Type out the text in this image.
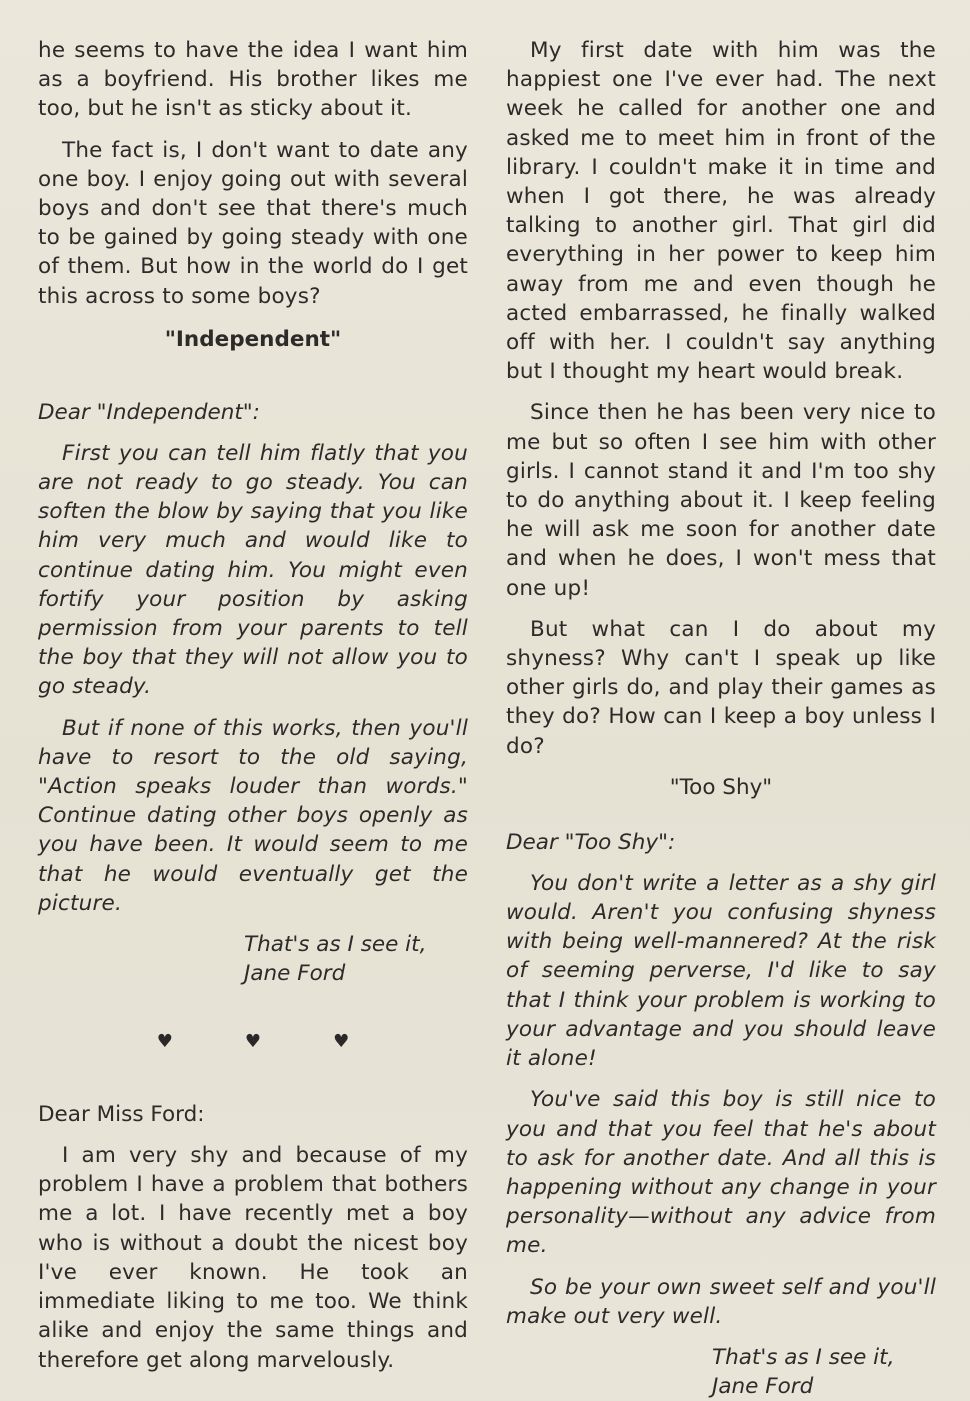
he seems to have the idea I want him as a boyfriend. His brother likes me too, but he isn't as sticky about it.

The fact is, I don't want to date any one boy. I enjoy going out with several boys and don't see that there's much to be gained by going steady with one of them. But how in the world do I get this across to some boys?

"Independent"
Dear "Independent":

First you can tell him flatly that you are not ready to go steady. You can soften the blow by saying that you like him very much and would like to continue dating him. You might even fortify your position by asking permission from your parents to tell the boy that they will not allow you to go steady.

But if none of this works, then you'll have to resort to the old saying, "Action speaks louder than words." Continue dating other boys openly as you have been. It would seem to me that he would eventually get the picture.

That's as I see it,
Jane Ford
♥	♥	♥
Dear Miss Ford:

I am very shy and because of my problem I have a problem that bothers me a lot. I have recently met a boy who is without a doubt the nicest boy I've ever known. He took an immediate liking to me too. We think alike and enjoy the same things and therefore get along marvelously.

My first date with him was the happiest one I've ever had. The next week he called for another one and asked me to meet him in front of the library. I couldn't make it in time and when I got there, he was already talking to another girl. That girl did everything in her power to keep him away from me and even though he acted embarrassed, he finally walked off with her. I couldn't say anything but I thought my heart would break.

Since then he has been very nice to me but so often I see him with other girls. I cannot stand it and I'm too shy to do anything about it. I keep feeling he will ask me soon for another date and when he does, I won't mess that one up!

But what can I do about my shyness? Why can't I speak up like other girls do, and play their games as they do? How can I keep a boy unless I do?

"Too Shy"
Dear "Too Shy":

You don't write a letter as a shy girl would. Aren't you confusing shyness with being well-mannered? At the risk of seeming perverse, I'd like to say that I think your problem is working to your advantage and you should leave it alone!

You've said this boy is still nice to you and that you feel that he's about to ask for another date. And all this is happening without any change in your personality—without any advice from me.

So be your own sweet self and you'll make out very well.

That's as I see it,
Jane Ford
